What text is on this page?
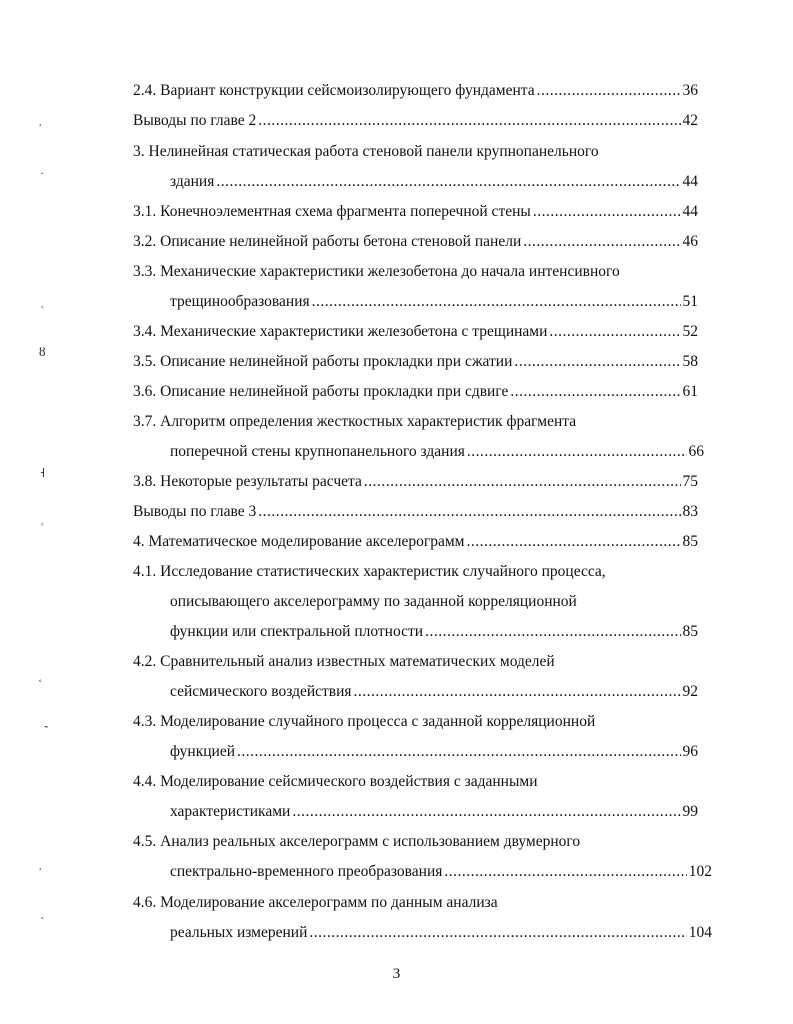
2.4. Вариант конструкции сейсмоизолирующего фундамента .....	36
Выводы по главе 2 .....	42
3. Нелинейная статическая работа стеновой панели крупнопанельного
здания .....	44
3.1. Конечноэлементная схема фрагмента поперечной стены .....	44
3.2. Описание нелинейной работы бетона стеновой панели .....	46
3.3. Механические характеристики железобетона до начала интенсивного
трещинообразования .....	51
3.4. Механические характеристики железобетона с трещинами .....	52
3.5. Описание нелинейной работы прокладки при сжатии .....	58
3.6. Описание нелинейной работы прокладки при сдвиге .....	61
3.7. Алгоритм определения жесткостных характеристик фрагмента
поперечной стены крупнопанельного здания .....	66
3.8. Некоторые результаты расчета .....	75
Выводы по главе 3 .....	83
4. Математическое моделирование акселерограмм .....	85
4.1. Исследование статистических характеристик случайного процесса,
описывающего акселерограмму по заданной корреляционной
функции или спектральной плотности .....	85
4.2. Сравнительный анализ известных математических моделей
сейсмического воздействия .....	92
4.3. Моделирование случайного процесса с заданной корреляционной
функцией .....	96
4.4. Моделирование сейсмического воздействия с заданными
характеристиками .....	99
4.5. Анализ реальных акселерограмм с использованием двумерного
спектрально-временного преобразования .....	102
4.6. Моделирование акселерограмм по данным анализа
реальных измерений .....	104
ʾ
˙
˒
ȣ
˧
˓
˱
˷
ʾ
ˌ
3
